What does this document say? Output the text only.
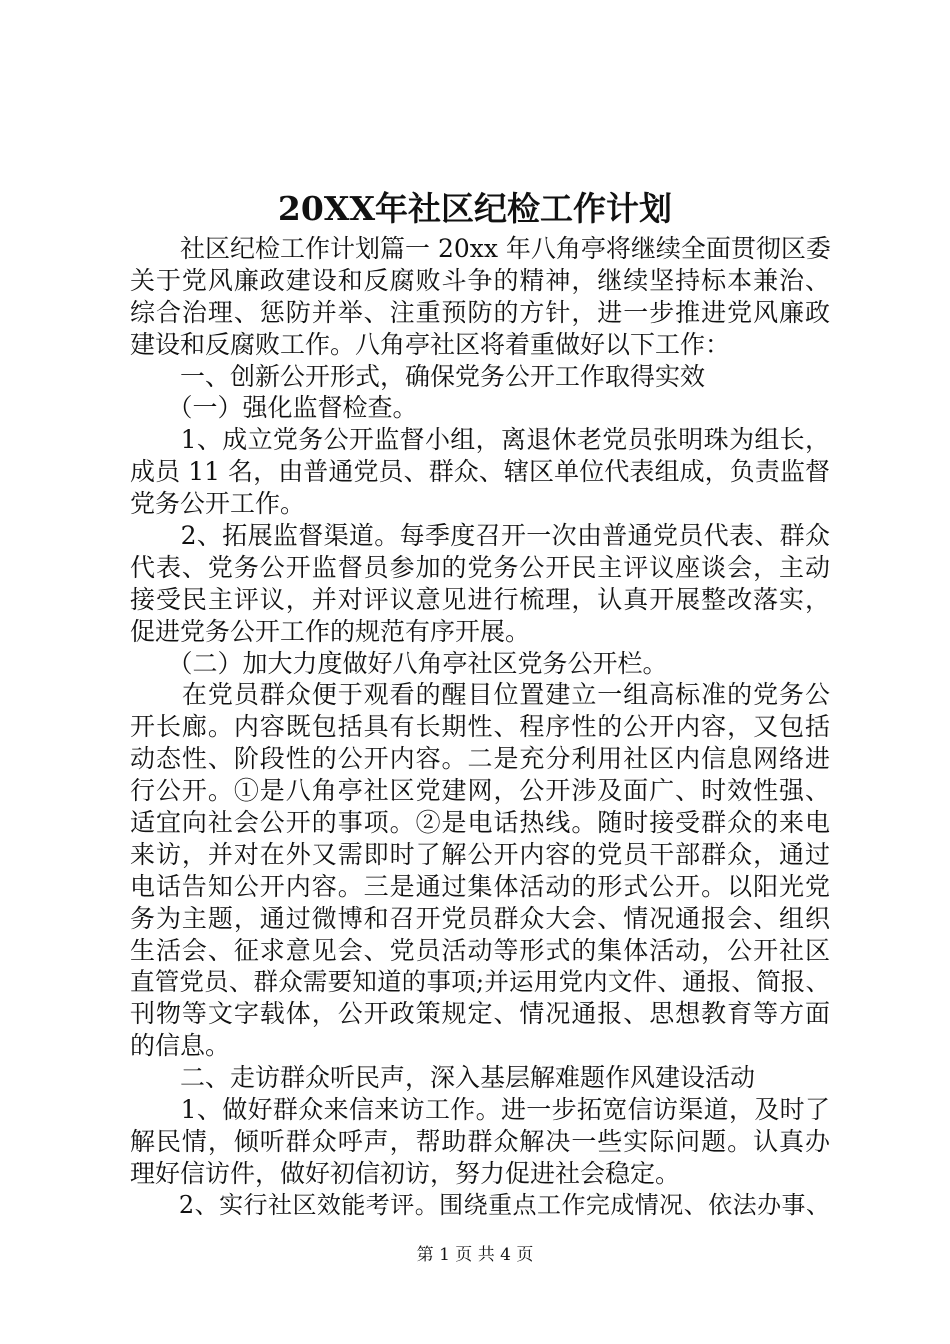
20XX年社区纪检工作计划
　　社区纪检工作计划篇一 20xx 年八角亭将继续全面贯彻区委
关于党风廉政建设和反腐败斗争的精神，继续坚持标本兼治、
综合治理、惩防并举、注重预防的方针，进一步推进党风廉政
建设和反腐败工作。八角亭社区将着重做好以下工作：
　　一、创新公开形式，确保党务公开工作取得实效
　　（一）强化监督检查。
　　1、成立党务公开监督小组，离退休老党员张明珠为组长，
成员 11 名，由普通党员、群众、辖区单位代表组成，负责监督
党务公开工作。
　　2、拓展监督渠道。每季度召开一次由普通党员代表、群众
代表、党务公开监督员参加的党务公开民主评议座谈会，主动
接受民主评议，并对评议意见进行梳理，认真开展整改落实，
促进党务公开工作的规范有序开展。
　　（二）加大力度做好八角亭社区党务公开栏。
　　在党员群众便于观看的醒目位置建立一组高标准的党务公
开长廊。内容既包括具有长期性、程序性的公开内容，又包括
动态性、阶段性的公开内容。二是充分利用社区内信息网络进
行公开。①是八角亭社区党建网，公开涉及面广、时效性强、
适宜向社会公开的事项。②是电话热线。随时接受群众的来电
来访，并对在外又需即时了解公开内容的党员干部群众，通过
电话告知公开内容。三是通过集体活动的形式公开。以阳光党
务为主题，通过微博和召开党员群众大会、情况通报会、组织
生活会、征求意见会、党员活动等形式的集体活动，公开社区
直管党员、群众需要知道的事项;并运用党内文件、通报、简报、
刊物等文字载体，公开政策规定、情况通报、思想教育等方面
的信息。
　　二、走访群众听民声，深入基层解难题作风建设活动
　　1、做好群众来信来访工作。进一步拓宽信访渠道，及时了
解民情，倾听群众呼声，帮助群众解决一些实际问题。认真办
理好信访件，做好初信初访，努力促进社会稳定。
　　2、实行社区效能考评。围绕重点工作完成情况、依法办事、
第 1 页 共 4 页
